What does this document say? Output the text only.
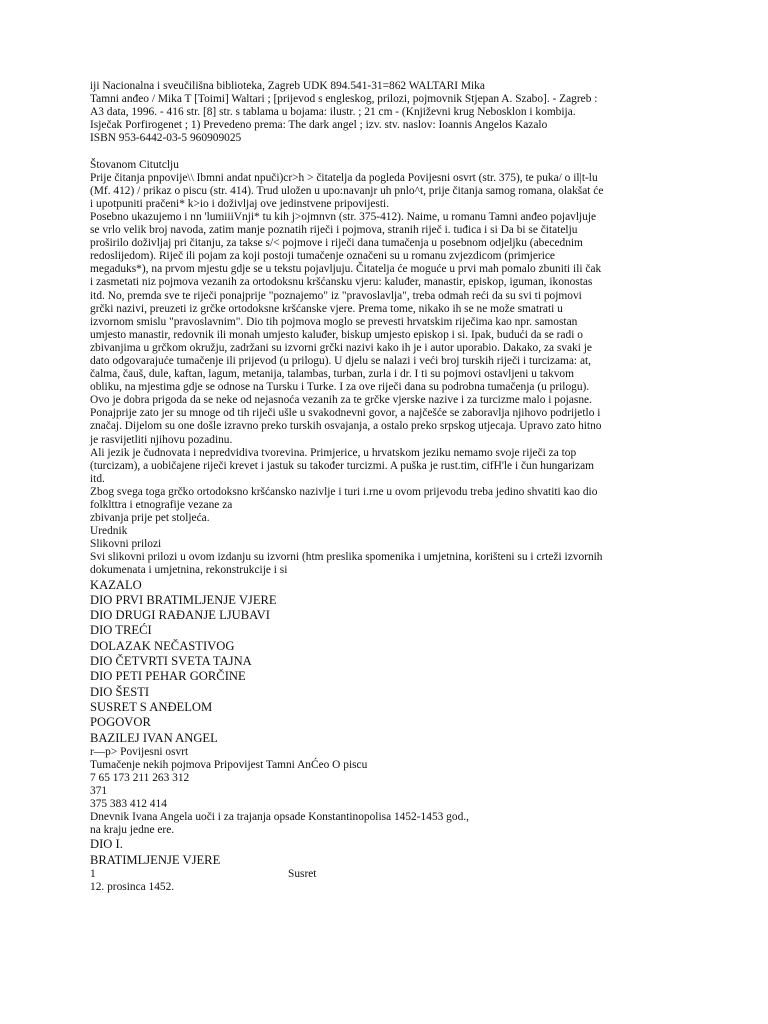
iji Nacionalna i sveučilišna biblioteka, Zagreb UDK 894.541-31=862 WALTARI Mika
Tamni anđeo / Mika T [Toimi] Waltari ; [prijevod s engleskog, prilozi, pojmovnik Stjepan A. Szabo]. - Zagreb :
A3 data, 1996. - 416 str. [8] str. s tablama u bojama: ilustr. ; 21 cm - (Književni krug Nebosklon i kombija.
Isječak Porfirogenet ; 1) Prevedeno prema: The dark angel ; izv. stv. naslov: Ioannis Angelos Kazalo
ISBN 953-6442-03-5 960909025
Štovanom Citutclju
Prije čitanja pnpovije\\ Ibmni andat npuči)cr>h > čitatelja da pogleda Povijesni osvrt (str. 375), te puka/ o il|t-lu
(Mf. 412) / prikaz o piscu (str. 414). Trud uložen u upo:navanjr uh pnlo^t, prije čitanja samog romana, olakšat će
i upotpuniti pračeni* k>io i doživljaj ove jedinstvene pripovijesti.
Posebno ukazujemo i nn 'lumiiiVnji* tu kih j>ojmnvn (str. 375-412). Naime, u romanu Tamni anđeo pojavljuje
se vrlo velik broj navoda, zatim manje poznatih riječi i pojmova, stranih riječ i. tuđica i si Da bi se čitatelju
proširilo doživljaj pri čitanju, za takse s/< pojmove i riječi dana tumačenja u posebnom odjeljku (abecednim
redoslijedom). Riječ ili pojam za koji postoji tumačenje označeni su u romanu zvjezdicom (primjerice
megaduks*), na prvom mjestu gdje se u tekstu pojavljuju. Čitatelja će moguće u prvi mah pomalo zbuniti ili čak
i zasmetati niz pojmova vezanih za ortodoksnu kršćansku vjeru: kaluđer, manastir, episkop, iguman, ikonostas
itd. No, premda sve te riječi ponajprije "poznajemo" iz "pravoslavlja", treba odmah reći da su svi ti pojmovi
grčki nazivi, preuzeti iz grčke ortodoksne kršćanske vjere. Prema tome, nikako ih se ne može smatrati u
izvornom smislu "pravoslavnim". Dio tih pojmova moglo se prevesti hrvatskim riječima kao npr. samostan
umjesto manastir, redovnik ili monah umjesto kaluđer, biskup umjesto episkop i si. Ipak, budući da se radi o
zbivanjima u grčkom okružju, zadržani su izvorni grčki nazivi kako ih je i autor uporabio. Dakako, za svaki je
dato odgovarajuće tumačenje ili prijevod (u prilogu). U djelu se nalazi i veći broj turskih riječi i turcizama: at,
čalma, čauš, dule, kaftan, lagum, metanija, talambas, turban, zurla i dr. I ti su pojmovi ostavljeni u takvom
obliku, na mjestima gdje se odnose na Tursku i Turke. I za ove riječi dana su podrobna tumačenja (u prilogu).
Ovo je dobra prigoda da se neke od nejasnoća vezanih za te grčke vjerske nazive i za turcizme malo i pojasne.
Ponajprije zato jer su mnoge od tih riječi ušle u svakodnevni govor, a najčešće se zaboravlja njihovo podrijetlo i
značaj. Dijelom su one došle izravno preko turskih osvajanja, a ostalo preko srpskog utjecaja. Upravo zato hitno
je rasvijetliti njihovu pozadinu.
Ali jezik je čudnovata i nepredvidiva tvorevina. Primjerice, u hrvatskom jeziku nemamo svoje riječi za top
(turcizam), a uobičajene riječi krevet i jastuk su također turcizmi. A puška je rust.tim, cifH'le i čun hungarizam
itd.
Zbog svega toga grčko ortodoksno kršćansko nazivlje i turi i.rne u ovom prijevodu treba jedino shvatiti kao dio
folklttra i etnografije vezane za
zbivanja prije pet stoljeća.
Urednik
Slikovni prilozi
Svi slikovni prilozi u ovom izdanju su izvorni (htm preslika spomenika i umjetnina, korišteni su i crteži izvornih
dokumenata i umjetnina, rekonstrukcije i si
KAZALO
DIO PRVI BRATIMLJENJE VJERE
DIO DRUGI RAĐANJE LJUBAVI
DIO TREĆI
DOLAZAK NEČASTIVOG
DIO ČETVRTI SVETA TAJNA
DIO PETI PEHAR GORČINE
DIO ŠESTI
SUSRET S ANĐELOM
POGOVOR
BAZILEJ IVAN ANGEL
r—p> Povijesni osvrt
Tumačenje nekih pojmova Pripovijest Tamni AnĆeo O piscu
7 65 173 211 263 312
371
375 383 412 414
Dnevnik Ivana Angela uoči i za trajanja opsade Konstantinopolisa 1452-1453 god.,
na kraju jedne ere.
DIO I.
BRATIMLJENJE VJERE
1	Susret
12. prosinca 1452.
